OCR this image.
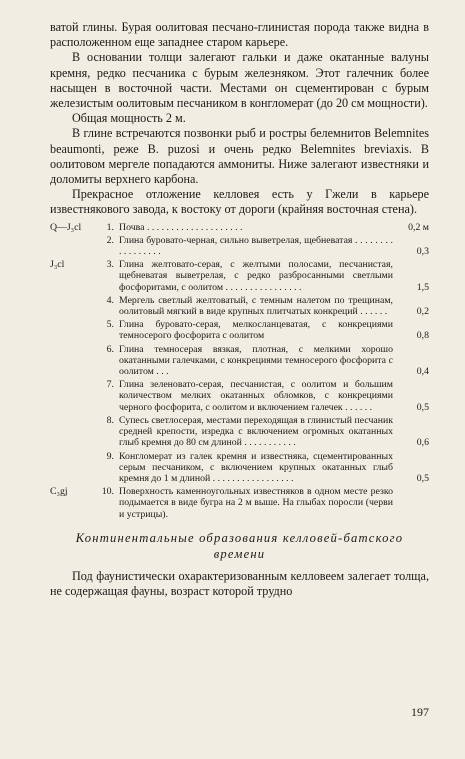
ватой глины. Бурая оолитовая песчано-глинистая порода также видна в расположенном еще западнее старом карьере.

В основании толщи залегают гальки и даже окатанные валуны кремня, редко песчаника с бурым железняком. Этот галечник более насыщен в восточной части. Местами он сцементирован с бурым железистым оолитовым песчаником в конгломерат (до 20 см мощности).

Общая мощность 2 м.

В глине встречаются позвонки рыб и ростры белемнитов Belemnites beaumonti, реже B. puzosi и очень редко Belemnites breviaxis. В оолитовом мергеле попадаются аммониты. Ниже залегают известняки и доломиты верхнего карбона.

Прекрасное отложение келловея есть у Гжели в карьере известнякового завода, к востоку от дороги (крайняя восточная стена).

Q—J₃cl	1. Почва . . . . . . . . . . . . . . . . . . . .	0,2 м
2. Глина буровато-черная, сильно выветрелая, щебневатая . . . . . . . . . . . . . . . . .	0,3
J₃cl	3. Глина желтовато-серая, с желтыми полосами, песчанистая, щебневатая выветрелая, с редко разбросанными светлыми фосфоритами, с оолитом . . . . . . . . . . . . . . . .	1,5
4. Мергель светлый желтоватый, с темным налетом по трещинам, оолитовый мягкий в виде крупных плитчатых конкреций . . . . . .	0,2
5. Глина буровато-серая, мелкосланцеватая, с конкрециями темносерого фосфорита с оолитом	0,8
6. Глина темносерая вязкая, плотная, с мелкими хорошо окатанными галечками, с конкрециями темносерого фосфорита с оолитом . . .	0,4
7. Глина зеленовато-серая, песчанистая, с оолитом и большим количеством мелких окатанных обломков, с конкрециями черного фосфорита, с оолитом и включением галечек . . . . . .	0,5
8. Супесь светлосерая, местами переходящая в глинистый песчаник средней крепости, изредка с включением огромных окатанных глыб кремня до 80 см длиной . . . . . . . . . . .	0,6
9. Конгломерат из галек кремня и известняка, сцементированных серым песчаником, с включением крупных окатанных глыб кремня до 1 м длиной . . . . . . . . . . . . . . . . .	0,5
C₃gj	10. Поверхность каменноугольных известняков в одном месте резко подымается в виде бугра на 2 м выше. На глыбах поросли (черви и устрицы).
Континентальные образования келловей-батского времени

Под фаунистически охарактеризованным келловеем залегает толща, не содержащая фауны, возраст которой трудно

197
